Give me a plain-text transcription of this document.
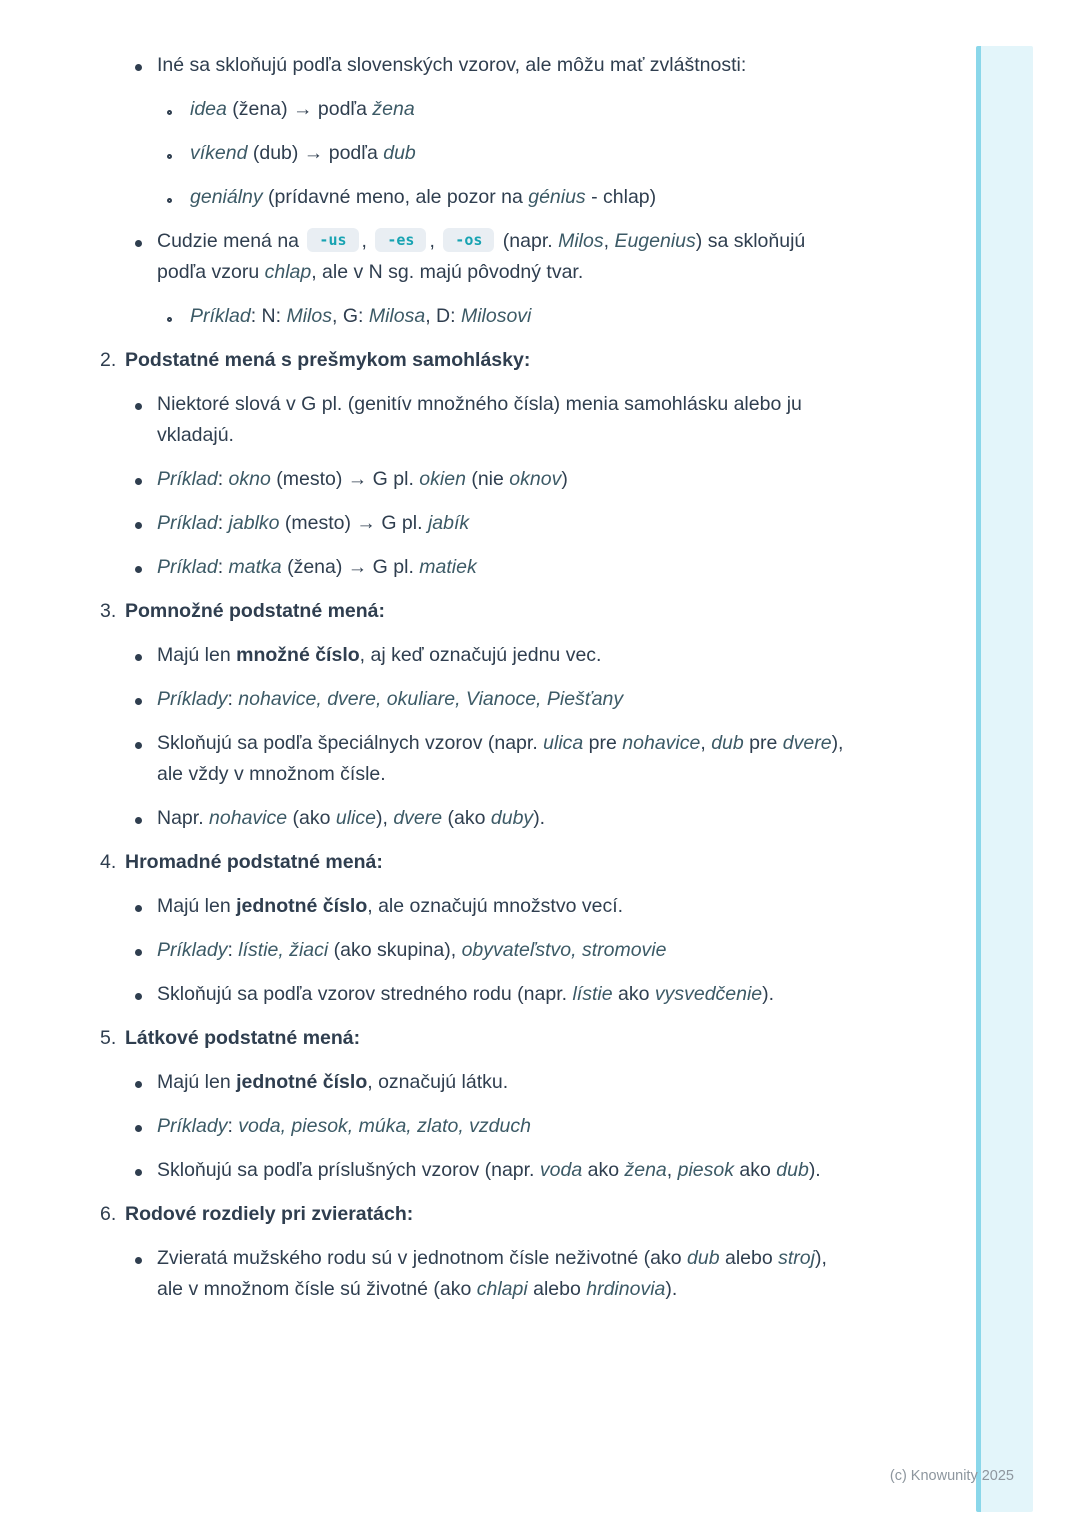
Iné sa skloňujú podľa slovenských vzorov, ale môžu mať zvláštnosti:
idea (žena) → podľa žena
víkend (dub) → podľa dub
geniálny (prídavné meno, ale pozor na génius - chlap)
Cudzie mená na -us , -es , -os (napr. Milos, Eugenius) sa skloňujú podľa vzoru chlap, ale v N sg. majú pôvodný tvar.
Príklad: N: Milos, G: Milosa, D: Milosovi
2. Podstatné mená s prešmykom samohlásky:
Niektoré slová v G pl. (genitív množného čísla) menia samohlásku alebo ju vkladajú.
Príklad: okno (mesto) → G pl. okien (nie oknov)
Príklad: jablko (mesto) → G pl. jabík
Príklad: matka (žena) → G pl. matiek
3. Pomnožné podstatné mená:
Majú len množné číslo, aj keď označujú jednu vec.
Príklady: nohavice, dvere, okuliare, Vianoce, Piešťany
Skloňujú sa podľa špeciálnych vzorov (napr. ulica pre nohavice, dub pre dvere), ale vždy v množnom čísle.
Napr. nohavice (ako ulice), dvere (ako duby).
4. Hromadné podstatné mená:
Majú len jednotné číslo, ale označujú množstvo vecí.
Príklady: lístie, žiaci (ako skupina), obyvateľstvo, stromovie
Skloňujú sa podľa vzorov stredného rodu (napr. lístie ako vysvedčenie).
5. Látkové podstatné mená:
Majú len jednotné číslo, označujú látku.
Príklady: voda, piesok, múka, zlato, vzduch
Skloňujú sa podľa príslušných vzorov (napr. voda ako žena, piesok ako dub).
6. Rodové rozdiely pri zvieratách:
Zvieratá mužského rodu sú v jednotnom čísle neživotné (ako dub alebo stroj), ale v množnom čísle sú životné (ako chlapi alebo hrdinovia).
(c) Knowunity 2025
